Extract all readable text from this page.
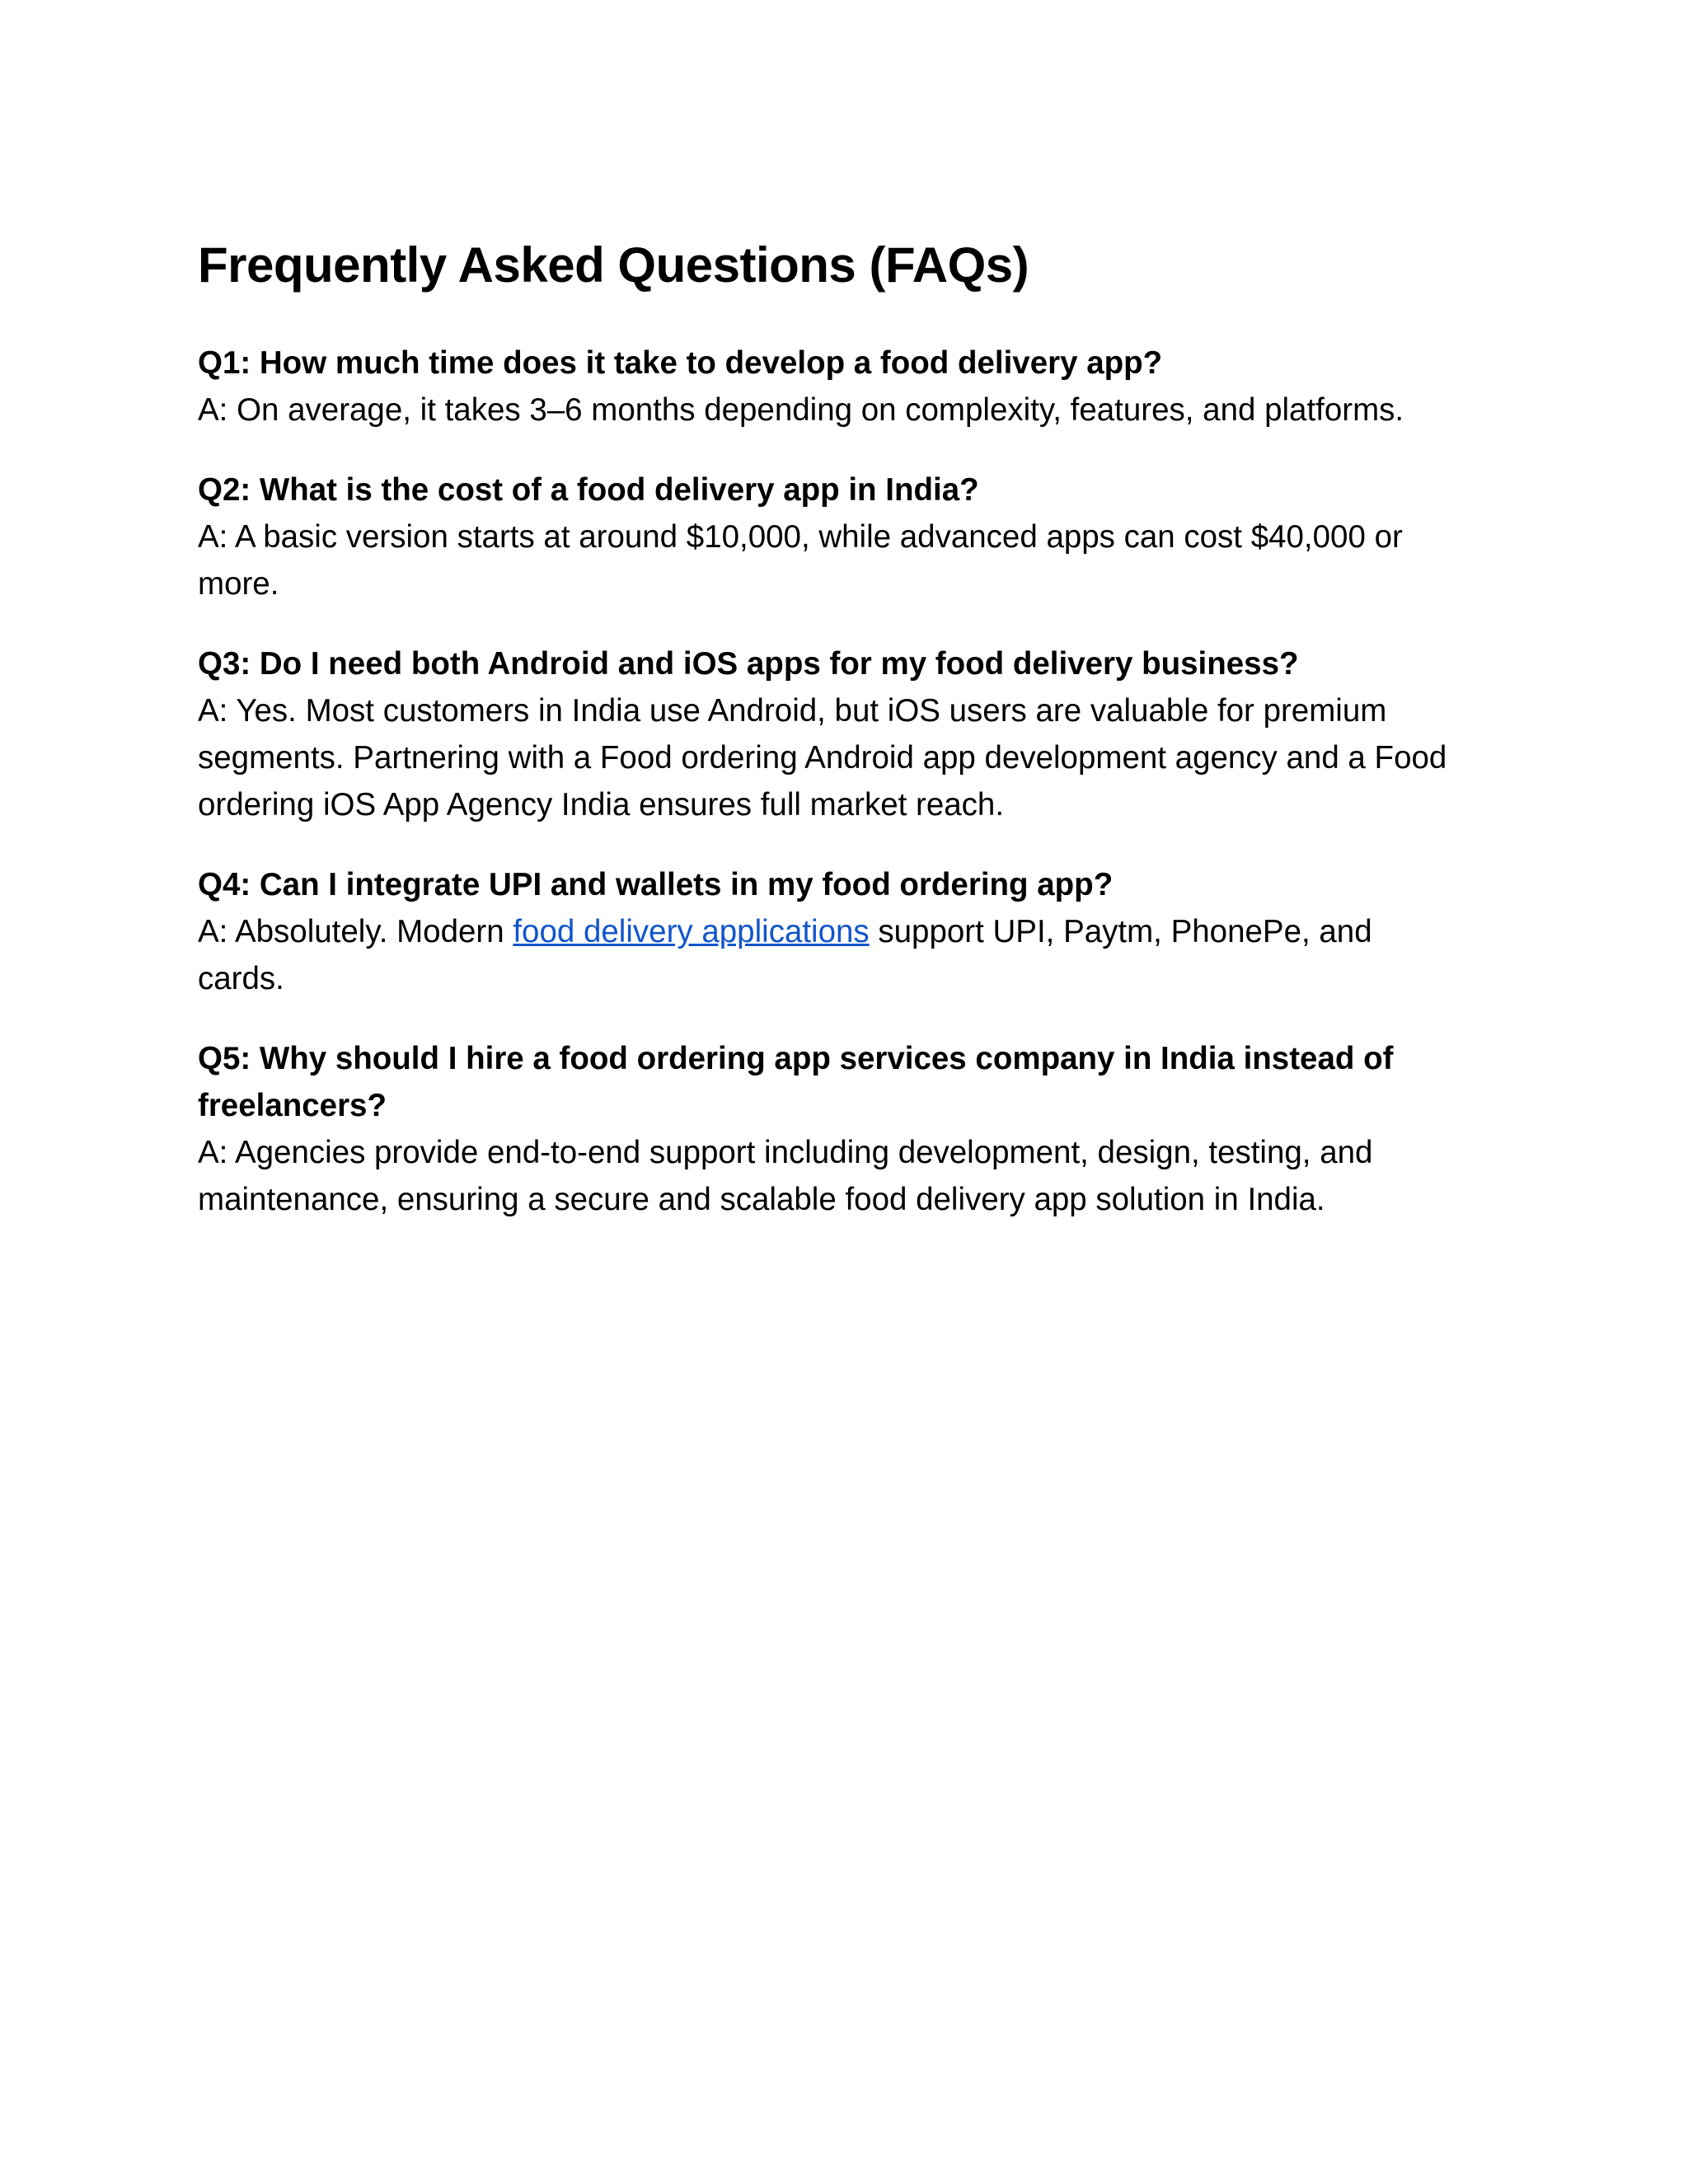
Frequently Asked Questions (FAQs)

Q1: How much time does it take to develop a food delivery app?

A: On average, it takes 3–6 months depending on complexity, features, and platforms.

Q2: What is the cost of a food delivery app in India?

A: A basic version starts at around $10,000, while advanced apps can cost $40,000 or more.

Q3: Do I need both Android and iOS apps for my food delivery business?

A: Yes. Most customers in India use Android, but iOS users are valuable for premium segments. Partnering with a Food ordering Android app development agency and a Food ordering iOS App Agency India ensures full market reach.

Q4: Can I integrate UPI and wallets in my food ordering app?

A: Absolutely. Modern food delivery applications support UPI, Paytm, PhonePe, and cards.

Q5: Why should I hire a food ordering app services company in India instead of freelancers?

A: Agencies provide end-to-end support including development, design, testing, and maintenance, ensuring a secure and scalable food delivery app solution in India.
